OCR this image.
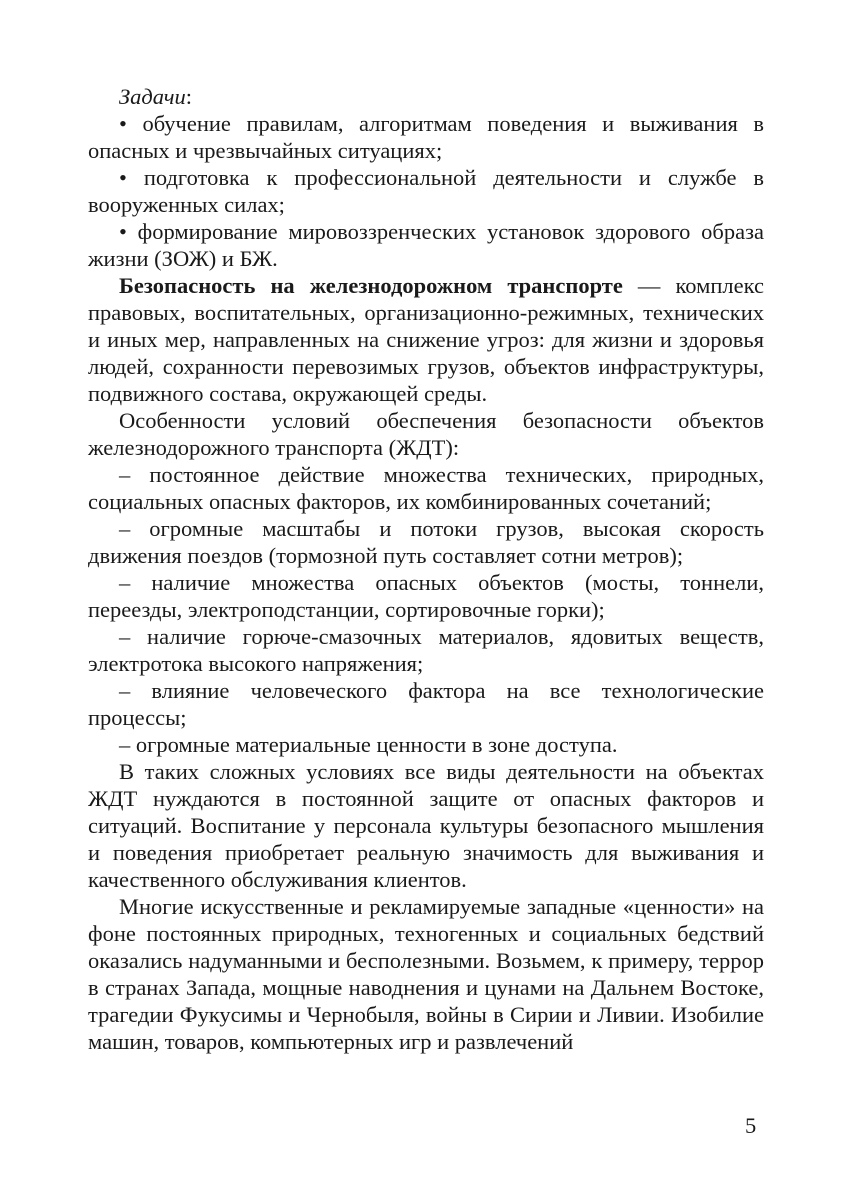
Задачи:

• обучение правилам, алгоритмам поведения и выживания в опасных и чрезвычайных ситуациях;

• подготовка к профессиональной деятельности и службе в вооруженных силах;

• формирование мировоззренческих установок здорового образа жизни (ЗОЖ) и БЖ.

Безопасность на железнодорожном транспорте — комплекс правовых, воспитательных, организационно-режимных, технических и иных мер, направленных на снижение угроз: для жизни и здоровья людей, сохранности перевозимых грузов, объектов инфраструктуры, подвижного состава, окружающей среды.

Особенности условий обеспечения безопасности объектов железнодорожного транспорта (ЖДТ):

– постоянное действие множества технических, природных, социальных опасных факторов, их комбинированных сочетаний;

– огромные масштабы и потоки грузов, высокая скорость движения поездов (тормозной путь составляет сотни метров);

– наличие множества опасных объектов (мосты, тоннели, переезды, электроподстанции, сортировочные горки);

– наличие горюче-смазочных материалов, ядовитых веществ, электротока высокого напряжения;

– влияние человеческого фактора на все технологические процессы;

– огромные материальные ценности в зоне доступа.

В таких сложных условиях все виды деятельности на объектах ЖДТ нуждаются в постоянной защите от опасных факторов и ситуаций. Воспитание у персонала культуры безопасного мышления и поведения приобретает реальную значимость для выживания и качественного обслуживания клиентов.

Многие искусственные и рекламируемые западные «ценности» на фоне постоянных природных, техногенных и социальных бедствий оказались надуманными и бесполезными. Возьмем, к примеру, террор в странах Запада, мощные наводнения и цунами на Дальнем Востоке, трагедии Фукусимы и Чернобыля, войны в Сирии и Ливии. Изобилие машин, товаров, компьютерных игр и развлечений

5
